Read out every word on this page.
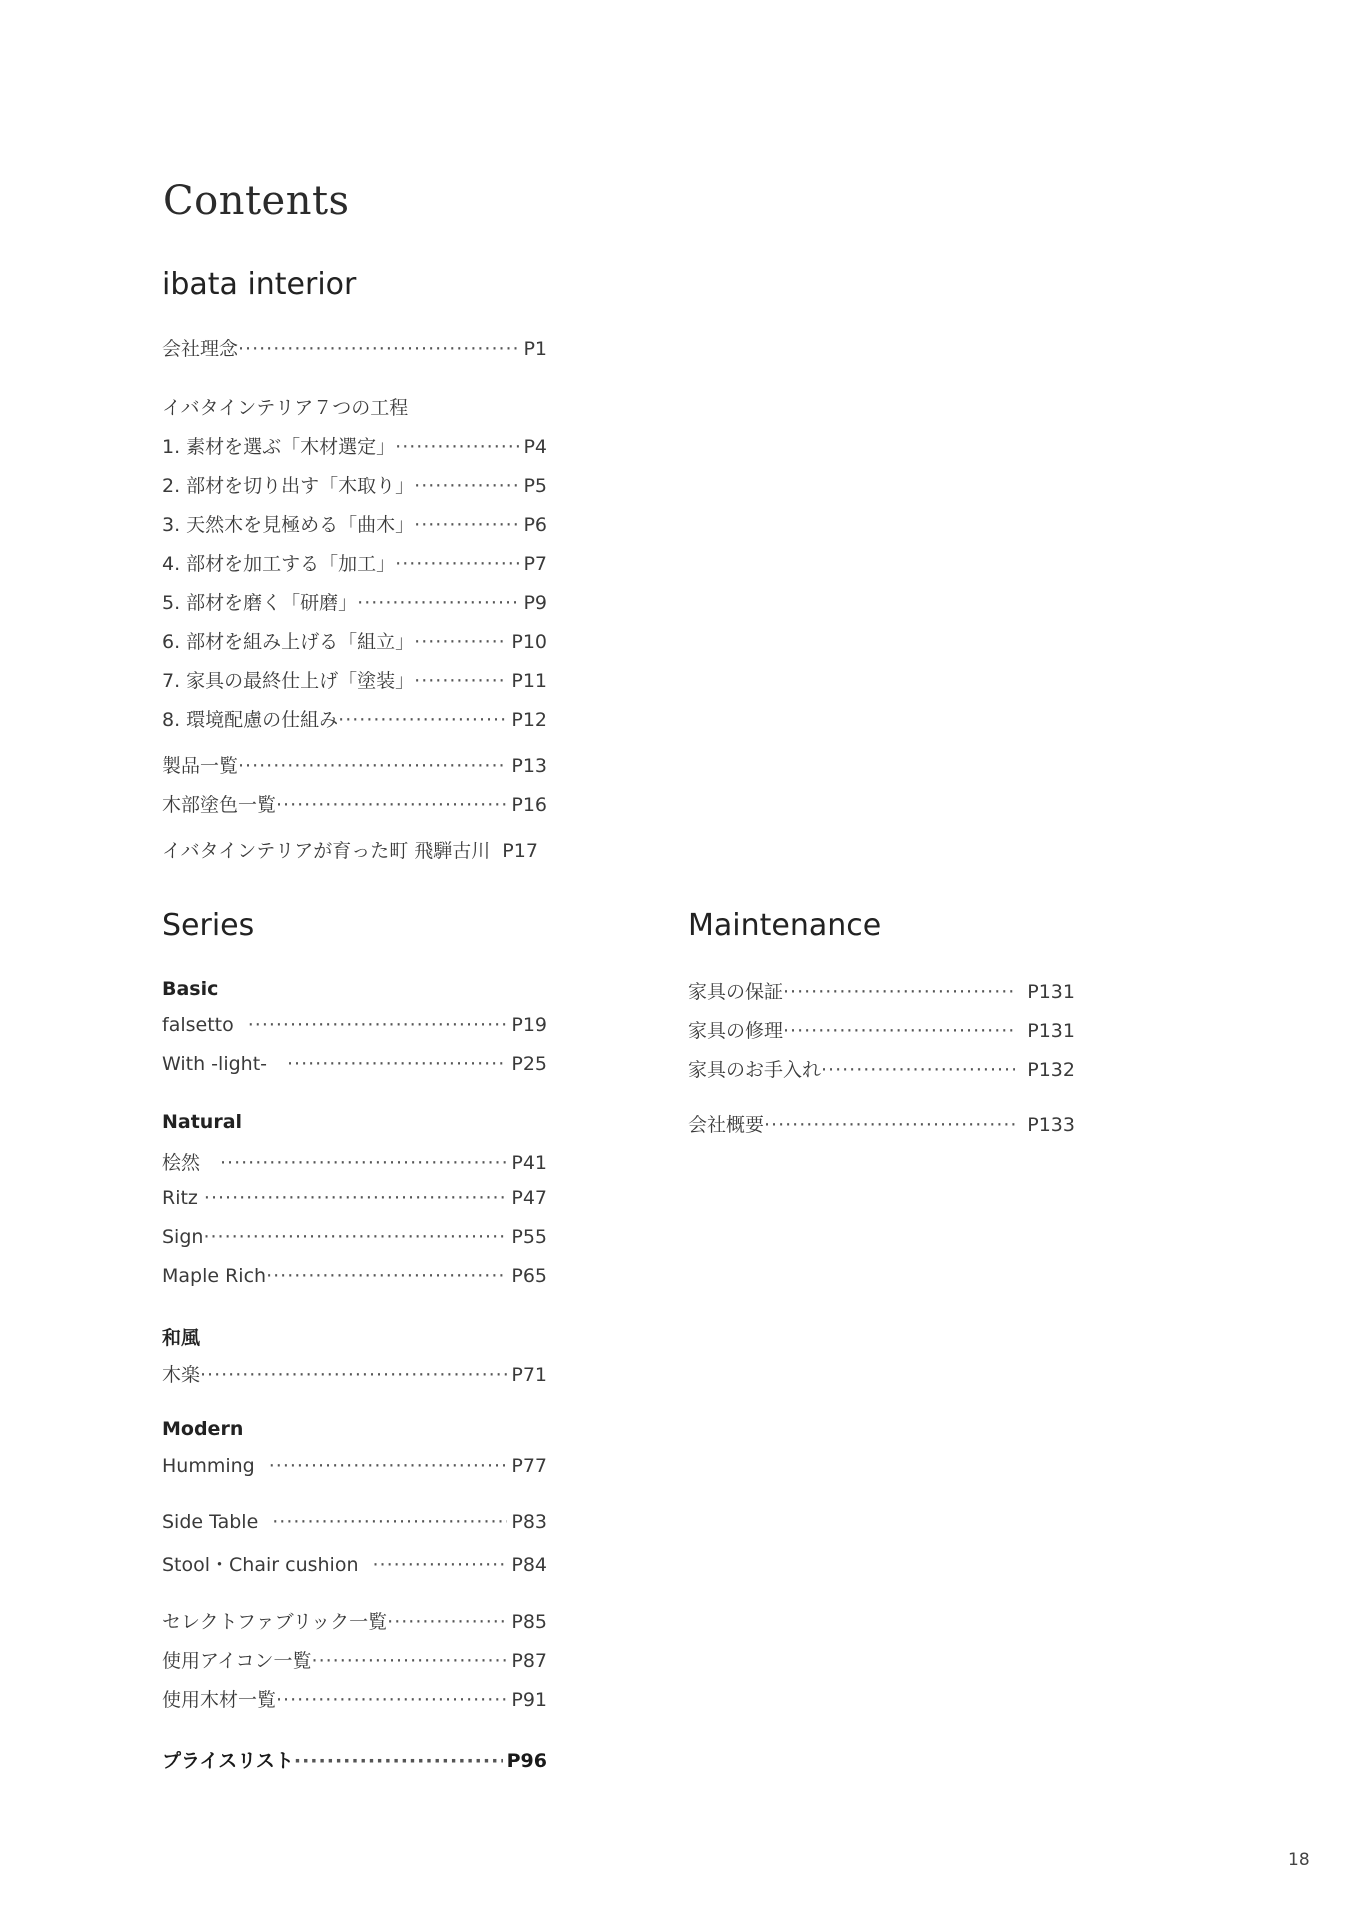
Contents
ibata interior
会社理念 ·····	P1
イバタインテリア７つの工程
1. 素材を選ぶ「木材選定」 ·····	P4
2. 部材を切り出す「木取り」 ·····	P5
3. 天然木を見極める「曲木」 ·····	P6
4. 部材を加工する「加工」 ·····	P7
5. 部材を磨く「研磨」 ·····	P9
6. 部材を組み上げる「組立」 ·····	P10
7. 家具の最終仕上げ「塗装」 ·····	P11
8. 環境配慮の仕組み ·····	P12
製品一覧 ·····	P13
木部塗色一覧 ·····	P16
イバタインテリアが育った町 飛騨古川 P17
Series
Basic
falsetto ·····	P19
With -light- ·····	P25
Natural
桧然 ·····	P41
Ritz ·····	P47
Sign ·····	P55
Maple Rich ·····	P65
和風
木楽 ·····	P71
Modern
Humming ·····	P77
Side Table ·····	P83
Stool・Chair cushion ·····	P84
セレクトファブリック一覧 ·····	P85
使用アイコン一覧 ·····	P87
使用木材一覧 ·····	P91
プライスリスト ·····	P96
Maintenance
家具の保証 ·····	P131
家具の修理 ·····	P131
家具のお手入れ ·····	P132
会社概要 ·····	P133
18
